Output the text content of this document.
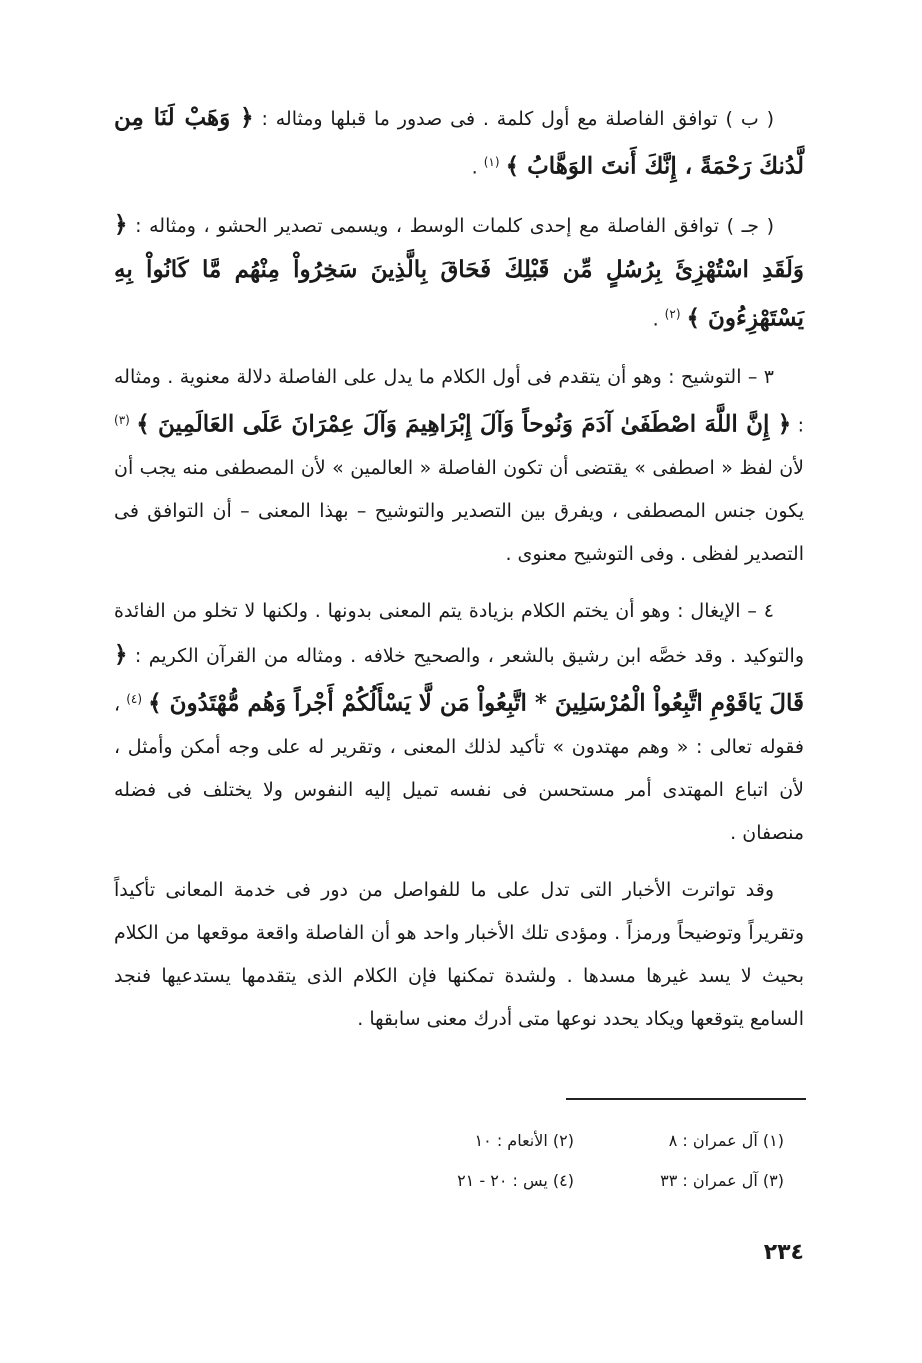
( ب ) توافق الفاصلة مع أول كلمة . فى صدور ما قبلها ومثاله : ﴿ وَهَبْ لَنَا مِن لَّدُنكَ رَحْمَةً ، إِنَّكَ أَنتَ الوَهَّابُ ﴾ $^{(١)}$ .

( جـ ) توافق الفاصلة مع إحدى كلمات الوسط ، ويسمى تصدير الحشو ، ومثاله : ﴿ وَلَقَدِ اسْتُهْزِئَ بِرُسُلٍ مِّن قَبْلِكَ فَحَاقَ بِالَّذِينَ سَخِرُواْ مِنْهُم مَّا كَانُواْ بِهِ يَسْتَهْزِءُونَ ﴾ $^{(٢)}$ .

٣ – التوشيح : وهو أن يتقدم فى أول الكلام ما يدل على الفاصلة دلالة معنوية . ومثاله : ﴿ إِنَّ اللَّهَ اصْطَفَىٰ آدَمَ وَنُوحاً وَآلَ إِبْرَاهِيمَ وَآلَ عِمْرَانَ عَلَى العَالَمِينَ ﴾ $^{(٣)}$ لأن لفظ « اصطفى » يقتضى أن تكون الفاصلة « العالمين » لأن المصطفى منه يجب أن يكون جنس المصطفى ، ويفرق بين التصدير والتوشيح – بهذا المعنى – أن التوافق فى التصدير لفظى . وفى التوشيح معنوى .

٤ – الإيغال : وهو أن يختم الكلام بزيادة يتم المعنى بدونها . ولكنها لا تخلو من الفائدة والتوكيد . وقد خصَّه ابن رشيق بالشعر ، والصحيح خلافه . ومثاله من القرآن الكريم : ﴿ قَالَ يَاقَوْمِ اتَّبِعُواْ الْمُرْسَلِينَ * اتَّبِعُواْ مَن لَّا يَسْأَلُكُمْ أَجْراً وَهُم مُّهْتَدُونَ ﴾ $^{(٤)}$ ، فقوله تعالى : « وهم مهتدون » تأكيد لذلك المعنى ، وتقرير له على وجه أمكن وأمثل ، لأن اتباع المهتدى أمر مستحسن فى نفسه تميل إليه النفوس ولا يختلف فى فضله منصفان .

وقد تواترت الأخبار التى تدل على ما للفواصل من دور فى خدمة المعانى تأكيداً وتقريراً وتوضيحاً ورمزاً . ومؤدى تلك الأخبار واحد هو أن الفاصلة واقعة موقعها من الكلام بحيث لا يسد غيرها مسدها . ولشدة تمكنها فإن الكلام الذى يتقدمها يستدعيها فنجد السامع يتوقعها ويكاد يحدد نوعها متى أدرك معنى سابقها .

(١) آل عمران : ٨
(٢) الأنعام : ١٠
(٣) آل عمران : ٣٣
(٤) يس : ٢٠ - ٢١
٢٣٤
